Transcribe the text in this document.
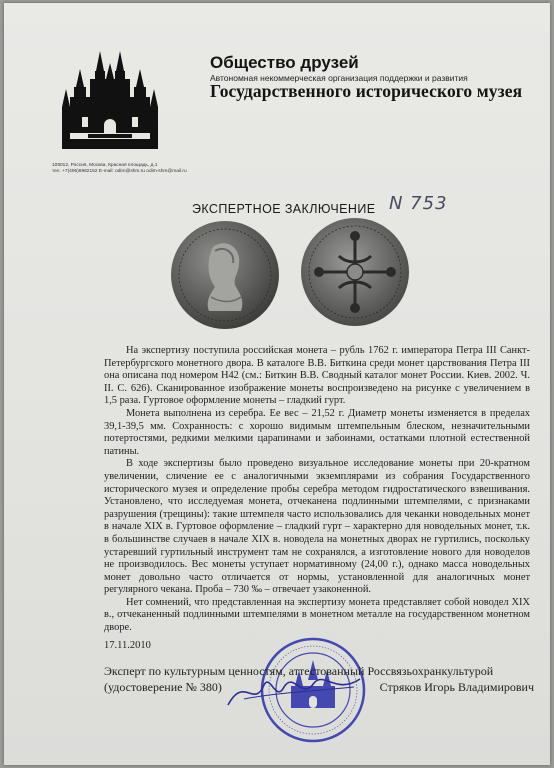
Общество друзей
Автономная некоммерческая организация поддержки и развития
Государственного исторического музея
109012, Россия, Москва, Красная площадь, д.1
тел. +7(495)6982152 E-mail: odim@shm.ru odim-shm@mail.ru
ЭКСПЕРТНОЕ ЗАКЛЮЧЕНИЕ N 753

На экспертизу поступила российская монета – рубль 1762 г. императора Петра III Санкт-Петербургского монетного двора. В каталоге В.В. Биткина среди монет царствования Петра III она описана под номером Н42 (см.: Биткин В.В. Сводный каталог монет России. Киев. 2002. Ч. II. С. 626). Сканированное изображение монеты воспроизведено на рисунке с увеличением в 1,5 раза. Гуртовое оформление монеты – гладкий гурт.

Монета выполнена из серебра. Ее вес – 21,52 г. Диаметр монеты изменяется в пределах 39,1-39,5 мм. Сохранность: с хорошо видимым штемпельным блеском, незначительными потертостями, редкими мелкими царапинами и забоинами, остатками плотной естественной патины.

В ходе экспертизы было проведено визуальное исследование монеты при 20-кратном увеличении, сличение ее с аналогичными экземплярами из собрания Государственного исторического музея и определение пробы серебра методом гидростатического взвешивания. Установлено, что исследуемая монета, отчеканена подлинными штемпелями, с признаками разрушения (трещины): такие штемпеля часто использовались для чеканки новодельных монет в начале XIX в. Гуртовое оформление – гладкий гурт – характерно для новодельных монет, т.к. в большинстве случаев в начале XIX в. новодела на монетных дворах не гуртились, поскольку устаревший гуртильный инструмент там не сохранялся, а изготовление нового для новоделов не производилось. Вес монеты уступает нормативному (24,00 г.), однако масса новодельных монет довольно часто отличается от нормы, установленной для аналогичных монет регулярного чекана. Проба – 730 ‰ – отвечает узаконенной.

Нет сомнений, что представленная на экспертизу монета представляет собой новодел XIX в., отчеканенный подлинными штемпелями в монетном металле на государственном монетном дворе.

17.11.2010
Эксперт по культурным ценностям, аттестованный Россвязьохранкультурой
(удостоверение № 380)	Стряков Игорь Владимирович
